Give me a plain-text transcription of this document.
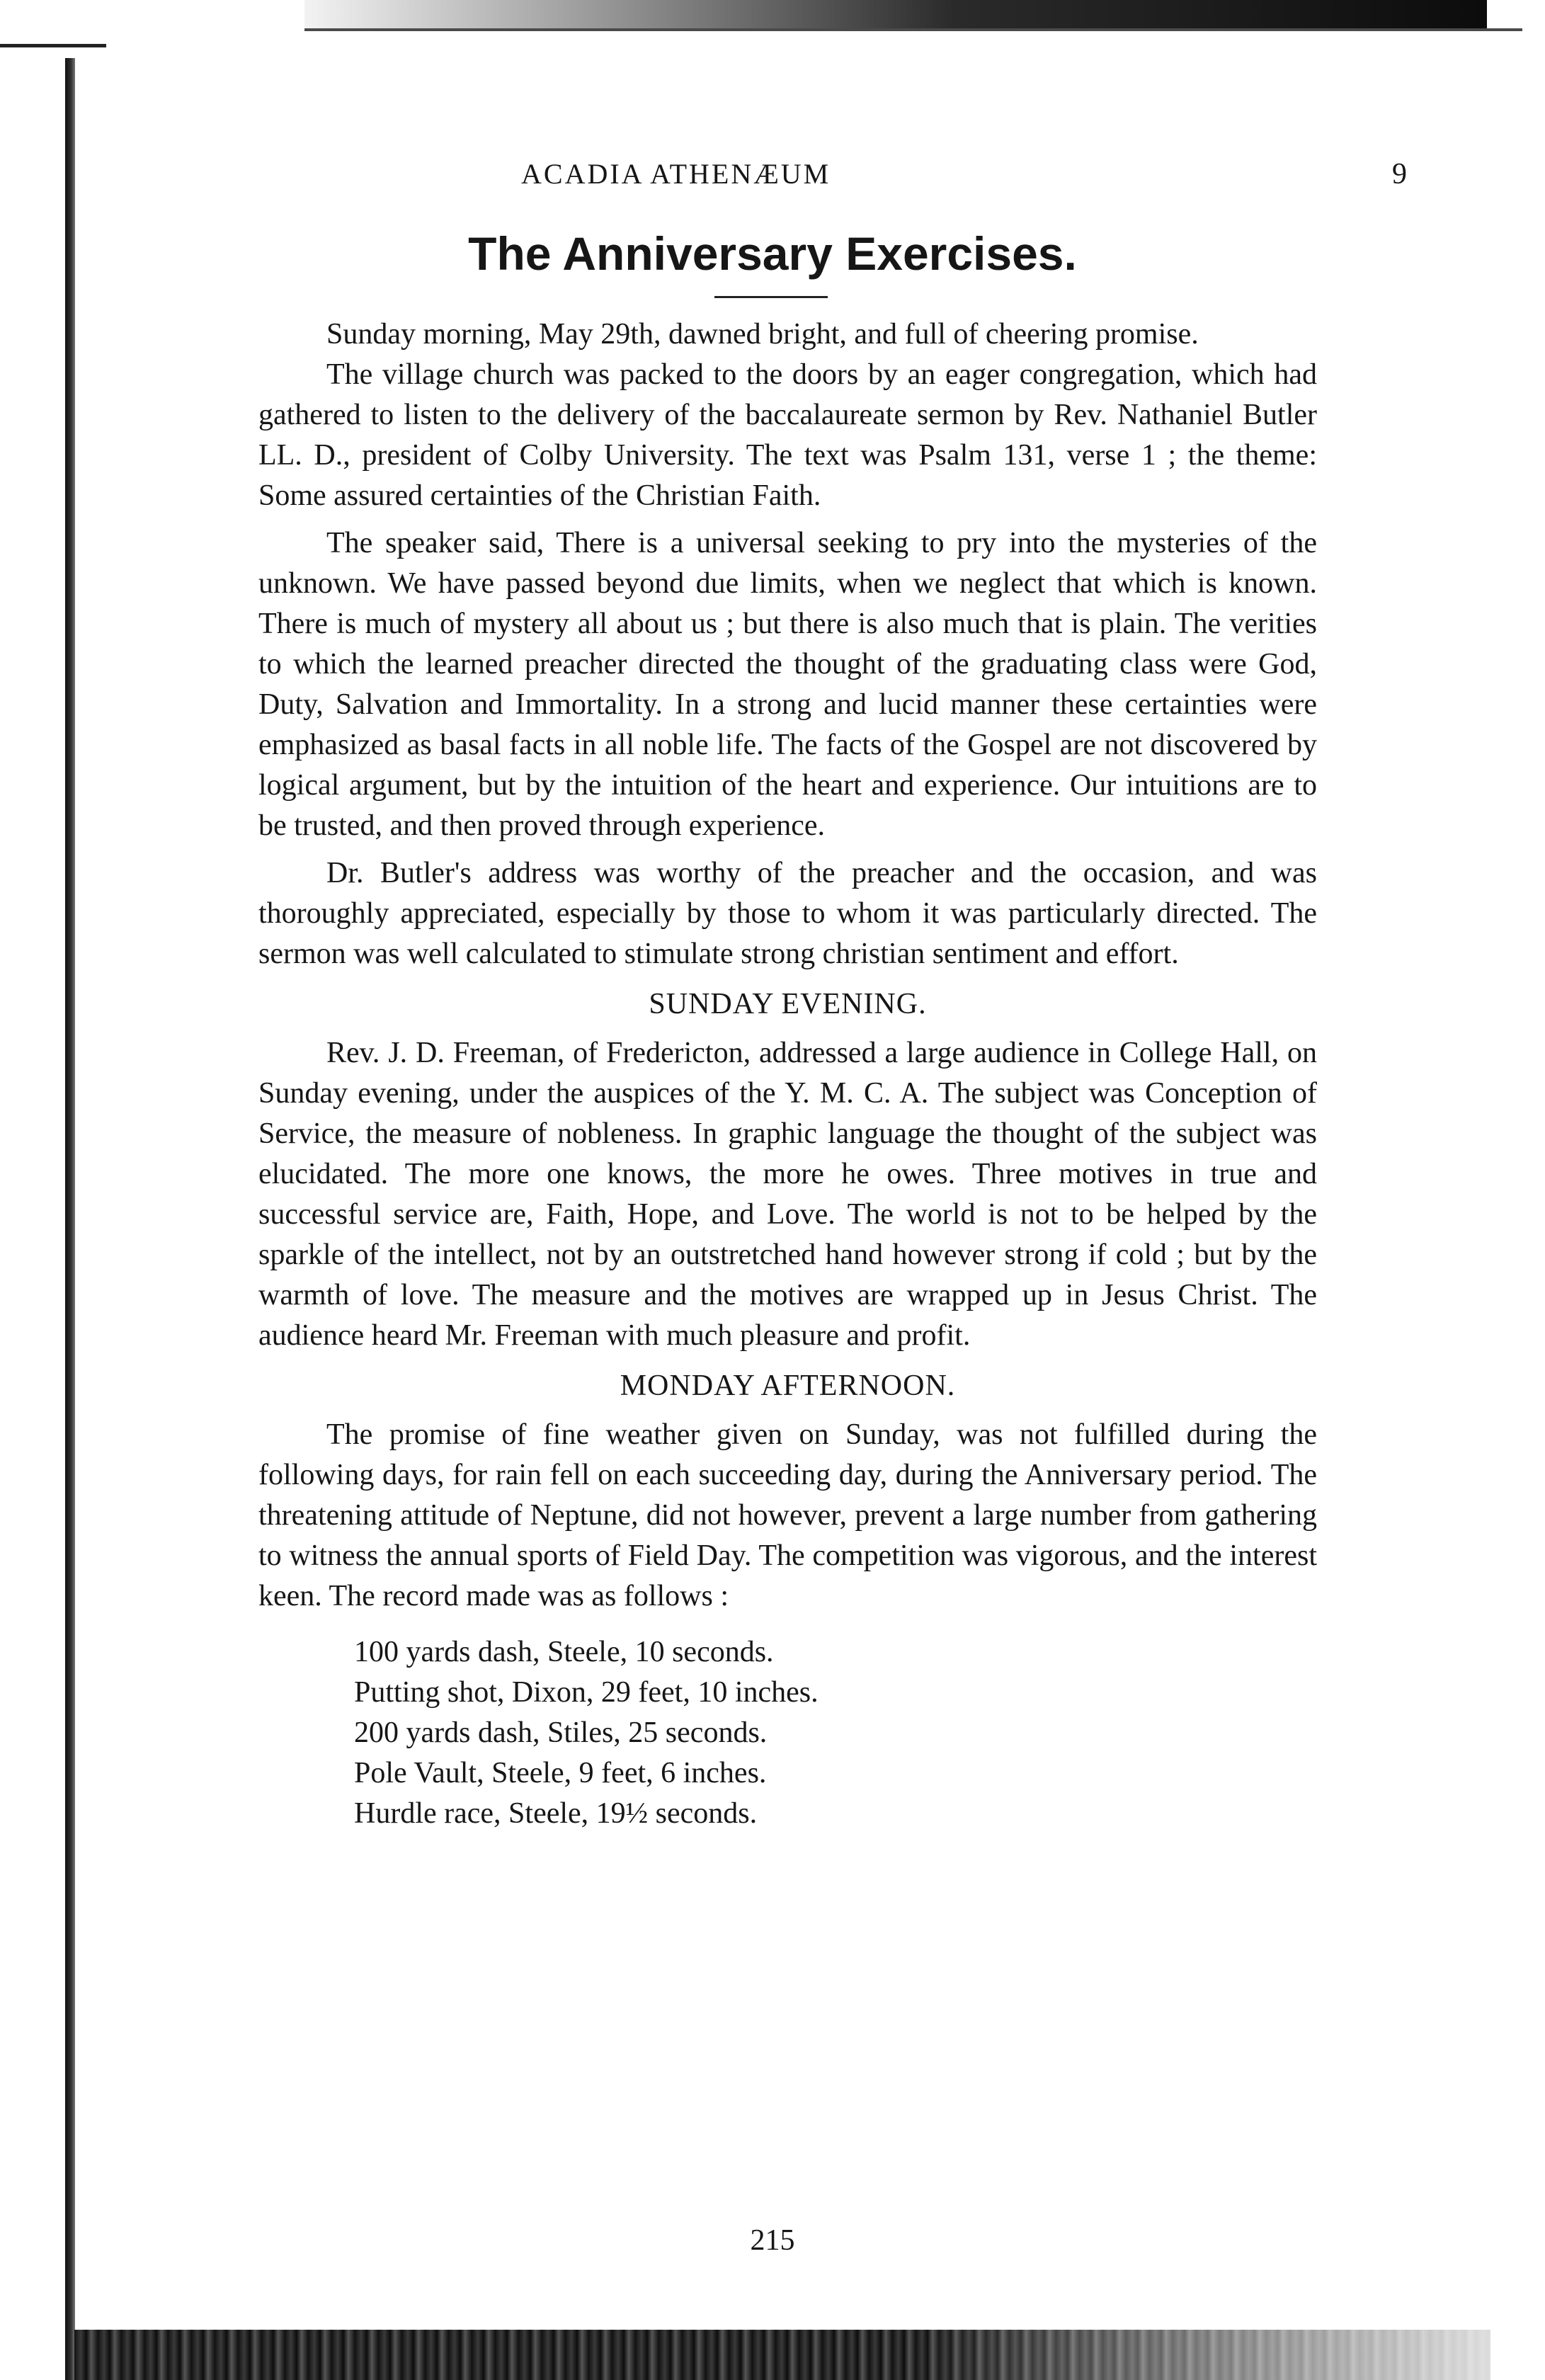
ACADIA ATHENÆUM	9
The Anniversary Exercises.

Sunday morning, May 29th, dawned bright, and full of cheering promise.

The village church was packed to the doors by an eager congregation, which had gathered to listen to the delivery of the baccalaureate sermon by Rev. Nathaniel Butler LL. D., president of Colby University. The text was Psalm 131, verse 1 ; the theme: Some assured certainties of the Christian Faith.

The speaker said, There is a universal seeking to pry into the mysteries of the unknown. We have passed beyond due limits, when we neglect that which is known. There is much of mystery all about us ; but there is also much that is plain. The verities to which the learned preacher directed the thought of the graduating class were God, Duty, Salvation and Immortality. In a strong and lucid manner these certainties were emphasized as basal facts in all noble life. The facts of the Gospel are not discovered by logical argument, but by the intuition of the heart and experience. Our intuitions are to be trusted, and then proved through experience.

Dr. Butler's address was worthy of the preacher and the occasion, and was thoroughly appreciated, especially by those to whom it was particularly directed. The sermon was well calculated to stimulate strong christian sentiment and effort.

SUNDAY EVENING.

Rev. J. D. Freeman, of Fredericton, addressed a large audience in College Hall, on Sunday evening, under the auspices of the Y. M. C. A. The subject was Conception of Service, the measure of nobleness. In graphic language the thought of the subject was elucidated. The more one knows, the more he owes. Three motives in true and successful service are, Faith, Hope, and Love. The world is not to be helped by the sparkle of the intellect, not by an outstretched hand however strong if cold ; but by the warmth of love. The measure and the motives are wrapped up in Jesus Christ. The audience heard Mr. Freeman with much pleasure and profit.

MONDAY AFTERNOON.

The promise of fine weather given on Sunday, was not fulfilled during the following days, for rain fell on each succeeding day, during the Anniversary period. The threatening attitude of Neptune, did not however, prevent a large number from gathering to witness the annual sports of Field Day. The competition was vigorous, and the interest keen. The record made was as follows :

100 yards dash, Steele, 10 seconds.
Putting shot, Dixon, 29 feet, 10 inches.
200 yards dash, Stiles, 25 seconds.
Pole Vault, Steele, 9 feet, 6 inches.
Hurdle race, Steele, 19½ seconds.
215
